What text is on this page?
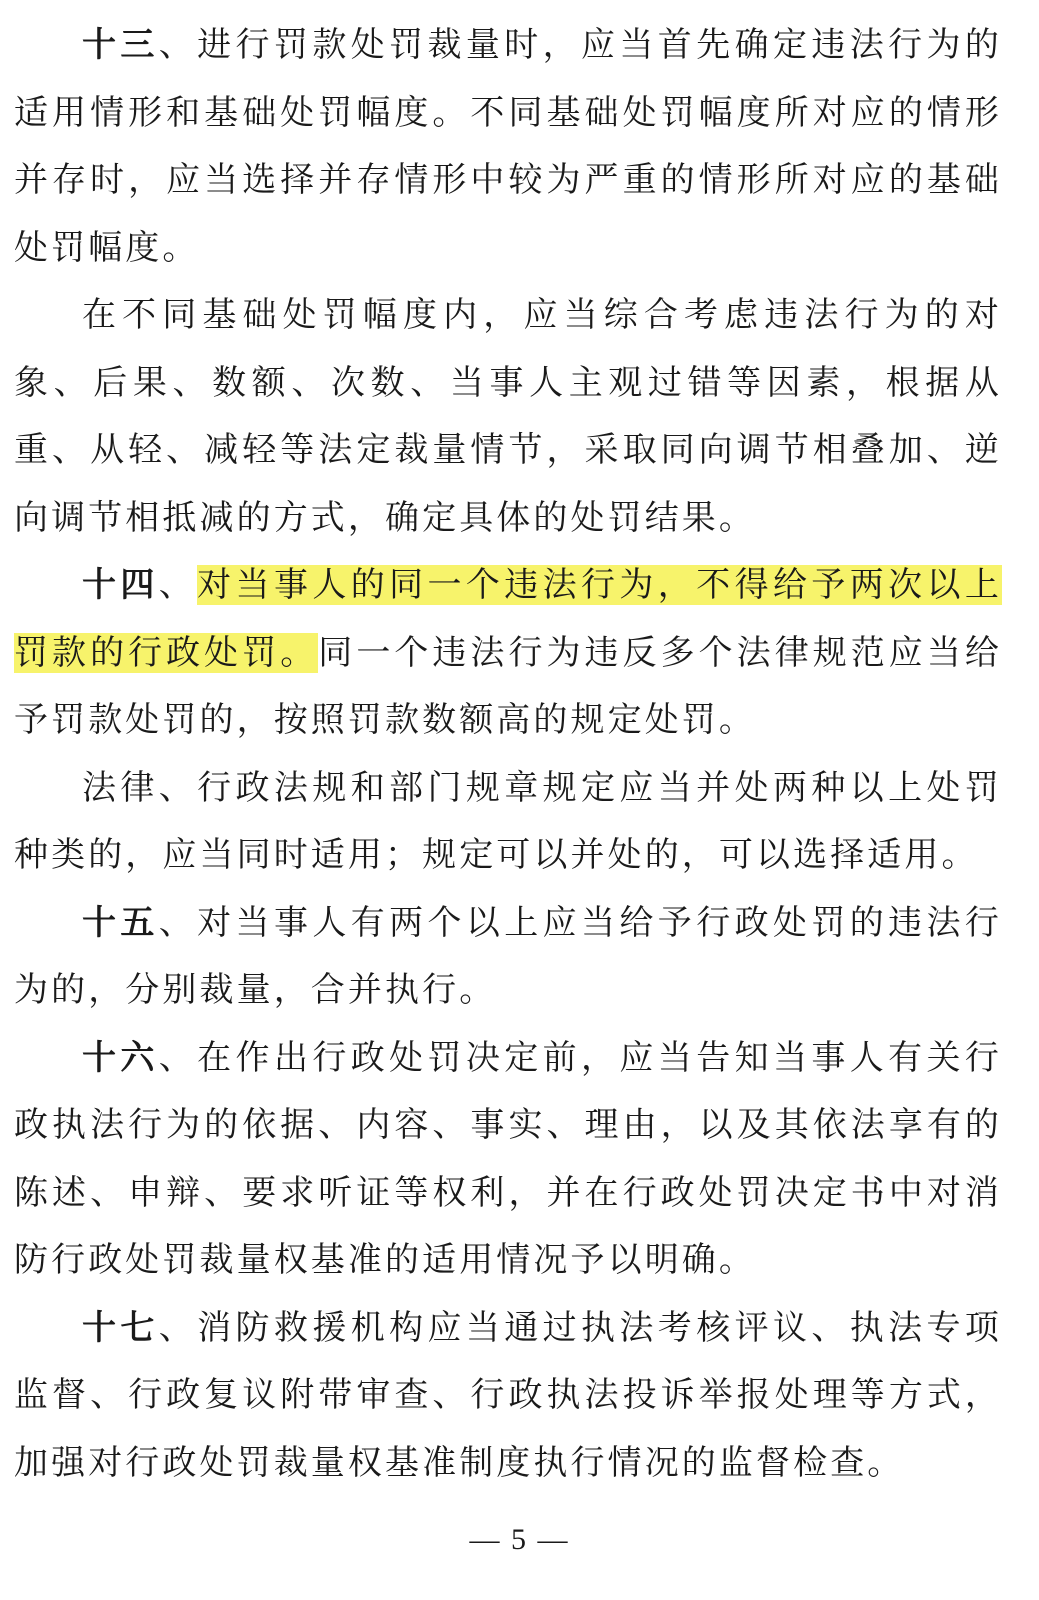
十三、进行罚款处罚裁量时，应当首先确定违法行为的适用情形和基础处罚幅度。不同基础处罚幅度所对应的情形并存时，应当选择并存情形中较为严重的情形所对应的基础处罚幅度。

在不同基础处罚幅度内，应当综合考虑违法行为的对象、后果、数额、次数、当事人主观过错等因素，根据从重、从轻、减轻等法定裁量情节，采取同向调节相叠加、逆向调节相抵减的方式，确定具体的处罚结果。

十四、对当事人的同一个违法行为，不得给予两次以上罚款的行政处罚。同一个违法行为违反多个法律规范应当给予罚款处罚的，按照罚款数额高的规定处罚。

法律、行政法规和部门规章规定应当并处两种以上处罚种类的，应当同时适用；规定可以并处的，可以选择适用。

十五、对当事人有两个以上应当给予行政处罚的违法行为的，分别裁量，合并执行。

十六、在作出行政处罚决定前，应当告知当事人有关行政执法行为的依据、内容、事实、理由，以及其依法享有的陈述、申辩、要求听证等权利，并在行政处罚决定书中对消防行政处罚裁量权基准的适用情况予以明确。

十七、消防救援机构应当通过执法考核评议、执法专项监督、行政复议附带审查、行政执法投诉举报处理等方式，加强对行政处罚裁量权基准制度执行情况的监督检查。

— 5 —
